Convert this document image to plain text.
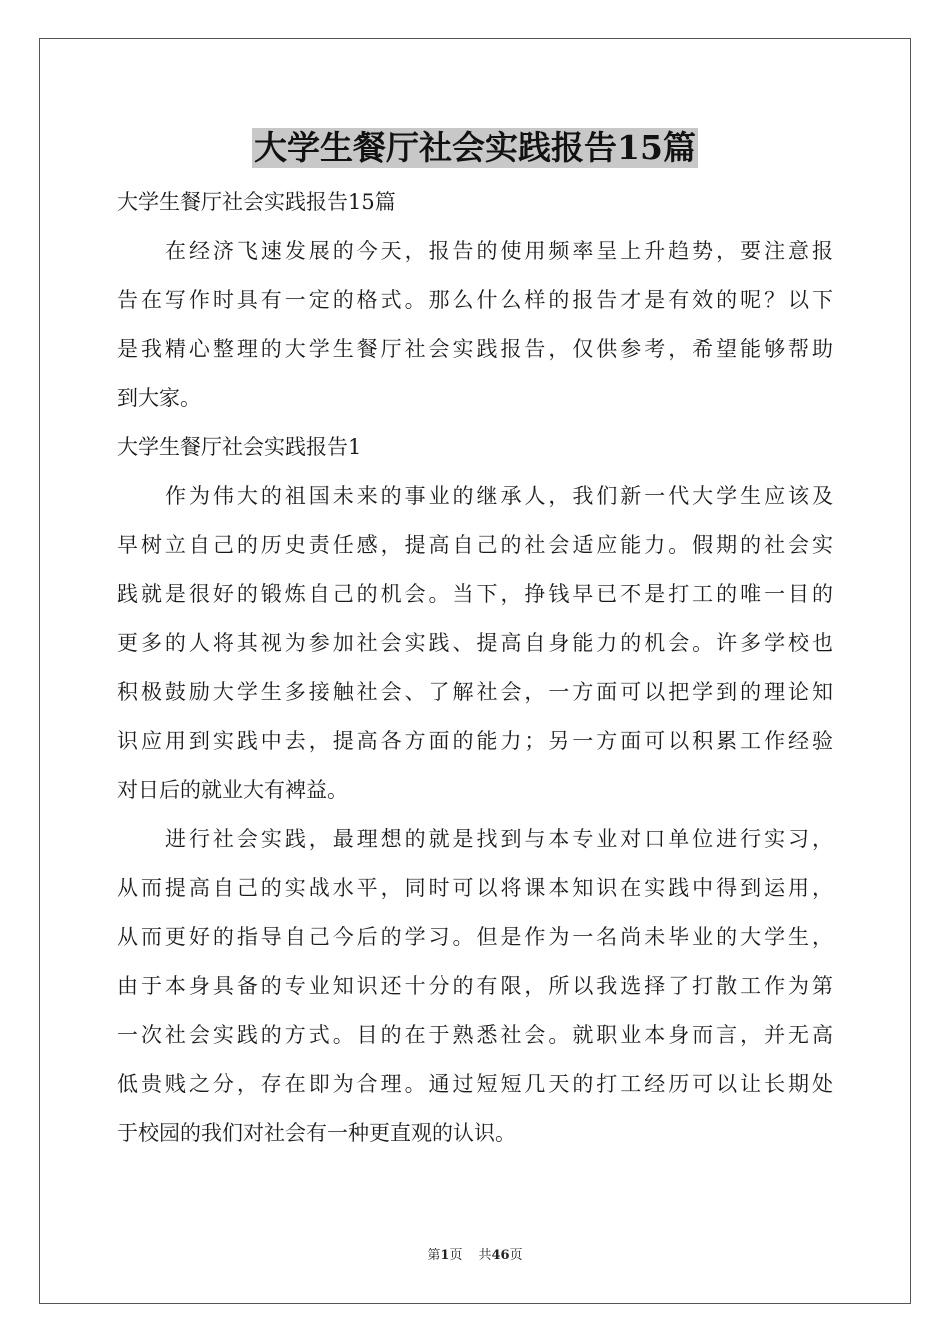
大学生餐厅社会实践报告15篇

大学生餐厅社会实践报告15篇

在经济飞速发展的今天，报告的使用频率呈上升趋势，要注意报

告在写作时具有一定的格式。那么什么样的报告才是有效的呢？以下

是我精心整理的大学生餐厅社会实践报告，仅供参考，希望能够帮助

到大家。

大学生餐厅社会实践报告1

作为伟大的祖国未来的事业的继承人，我们新一代大学生应该及

早树立自己的历史责任感，提高自己的社会适应能力。假期的社会实

践就是很好的锻炼自己的机会。当下，挣钱早已不是打工的唯一目的

更多的人将其视为参加社会实践、提高自身能力的机会。许多学校也

积极鼓励大学生多接触社会、了解社会，一方面可以把学到的理论知

识应用到实践中去，提高各方面的能力；另一方面可以积累工作经验

对日后的就业大有裨益。

进行社会实践，最理想的就是找到与本专业对口单位进行实习，

从而提高自己的实战水平，同时可以将课本知识在实践中得到运用，

从而更好的指导自己今后的学习。但是作为一名尚未毕业的大学生，

由于本身具备的专业知识还十分的有限，所以我选择了打散工作为第

一次社会实践的方式。目的在于熟悉社会。就职业本身而言，并无高

低贵贱之分，存在即为合理。通过短短几天的打工经历可以让长期处

于校园的我们对社会有一种更直观的认识。

第1页 共46页
